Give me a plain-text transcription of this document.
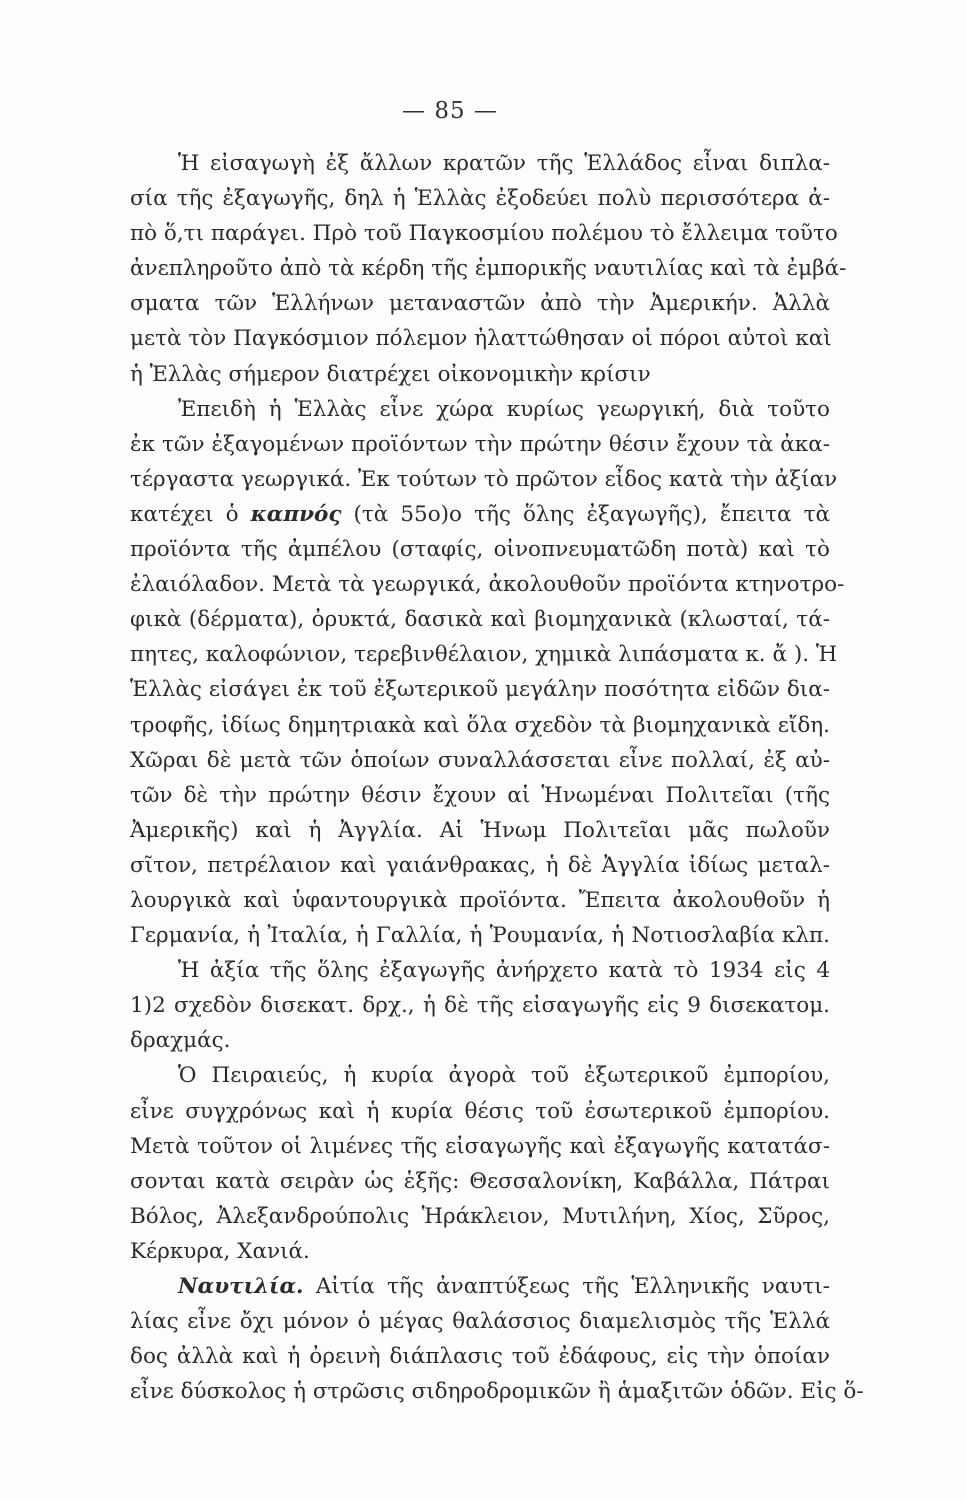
— 85 —
Ἡ εἰσαγωγὴ ἐξ ἄλλων κρατῶν τῆς Ἑλλάδος εἶναι διπλα-
σία τῆς ἐξαγωγῆς, δηλ ἡ Ἑλλὰς ἐξοδεύει πολὺ περισσότερα ἀ-
πὸ ὅ,τι παράγει. Πρὸ τοῦ Παγκοσμίου πολέμου τὸ ἔλλειμα τοῦτο
ἀνεπληροῦτο ἀπὸ τὰ κέρδη τῆς ἐμπορικῆς ναυτιλίας καὶ τὰ ἐμβά-
σματα τῶν Ἑλλήνων μεταναστῶν ἀπὸ τὴν Ἀμερικήν. Ἀλλὰ
μετὰ τὸν Παγκόσμιον πόλεμον ἠλαττώθησαν οἱ πόροι αὐτοὶ καὶ
ἡ Ἑλλὰς σήμερον διατρέχει οἰκονομικὴν κρίσιν
Ἐπειδὴ ἡ Ἑλλὰς εἶνε χώρα κυρίως γεωργική, διὰ τοῦτο
ἐκ τῶν ἐξαγομένων προϊόντων τὴν πρώτην θέσιν ἔχουν τὰ ἀκα-
τέργαστα γεωργικά. Ἐκ τούτων τὸ πρῶτον εἶδος κατὰ τὴν ἀξίαν
κατέχει ὁ καπνός (τὰ 55ο)ο τῆς ὅλης ἐξαγωγῆς), ἔπειτα τὰ
προϊόντα τῆς ἀμπέλου (σταφίς, οἰνοπνευματῶδη ποτὰ) καὶ τὸ
ἐλαιόλαδον. Μετὰ τὰ γεωργικά, ἀκολουθοῦν προϊόντα κτηνοτρο-
φικὰ (δέρματα), ὀρυκτά, δασικὰ καὶ βιομηχανικὰ (κλωσταί, τά-
πητες, καλοφώνιον, τερεβινθέλαιον, χημικὰ λιπάσματα κ. ἄ ). Ἡ
Ἑλλὰς εἰσάγει ἐκ τοῦ ἐξωτερικοῦ μεγάλην ποσότητα εἰδῶν δια-
τροφῆς, ἰδίως δημητριακὰ καὶ ὅλα σχεδὸν τὰ βιομηχανικὰ εἴδη.
Χῶραι δὲ μετὰ τῶν ὁποίων συναλλάσσεται εἶνε πολλαί, ἐξ αὐ-
τῶν δὲ τὴν πρώτην θέσιν ἔχουν αἱ Ἡνωμέναι Πολιτεῖαι (τῆς
Ἀμερικῆς) καὶ ἡ Ἀγγλία. Αἱ Ἡνωμ Πολιτεῖαι μᾶς πωλοῦν
σῖτον, πετρέλαιον καὶ γαιάνθρακας, ἡ δὲ Ἀγγλία ἰδίως μεταλ-
λουργικὰ καὶ ὑφαντουργικὰ προϊόντα. Ἔπειτα ἀκολουθοῦν ἡ
Γερμανία, ἡ Ἰταλία, ἡ Γαλλία, ἡ Ῥουμανία, ἡ Νοτιοσλαβία κλπ.
Ἡ ἀξία τῆς ὅλης ἐξαγωγῆς ἀνήρχετο κατὰ τὸ 1934 εἰς 4
1)2 σχεδὸν δισεκατ. δρχ., ἡ δὲ τῆς εἰσαγωγῆς εἰς 9 δισεκατομ.
δραχμάς.
Ὁ Πειραιεύς, ἡ κυρία ἀγορὰ τοῦ ἐξωτερικοῦ ἐμπορίου,
εἶνε συγχρόνως καὶ ἡ κυρία θέσις τοῦ ἐσωτερικοῦ ἐμπορίου.
Μετὰ τοῦτον οἱ λιμένες τῆς εἰσαγωγῆς καὶ ἐξαγωγῆς κατατάσ-
σονται κατὰ σειρὰν ὡς ἑξῆς: Θεσσαλονίκη, Καβάλλα, Πάτραι
Βόλος, Ἀλεξανδρούπολις Ἡράκλειον, Μυτιλήνη, Χίος, Σῦρος,
Κέρκυρα, Χανιά.
Ναυτιλία. Αἰτία τῆς ἀναπτύξεως τῆς Ἑλληνικῆς ναυτι-
λίας εἶνε ὄχι μόνον ὁ μέγας θαλάσσιος διαμελισμὸς τῆς Ἑλλά
δος ἀλλὰ καὶ ἡ ὀρεινὴ διάπλασις τοῦ ἐδάφους, εἰς τὴν ὁποίαν
εἶνε δύσκολος ἡ στρῶσις σιδηροδρομικῶν ἢ ἁμαξιτῶν ὁδῶν. Εἰς ὅ-
